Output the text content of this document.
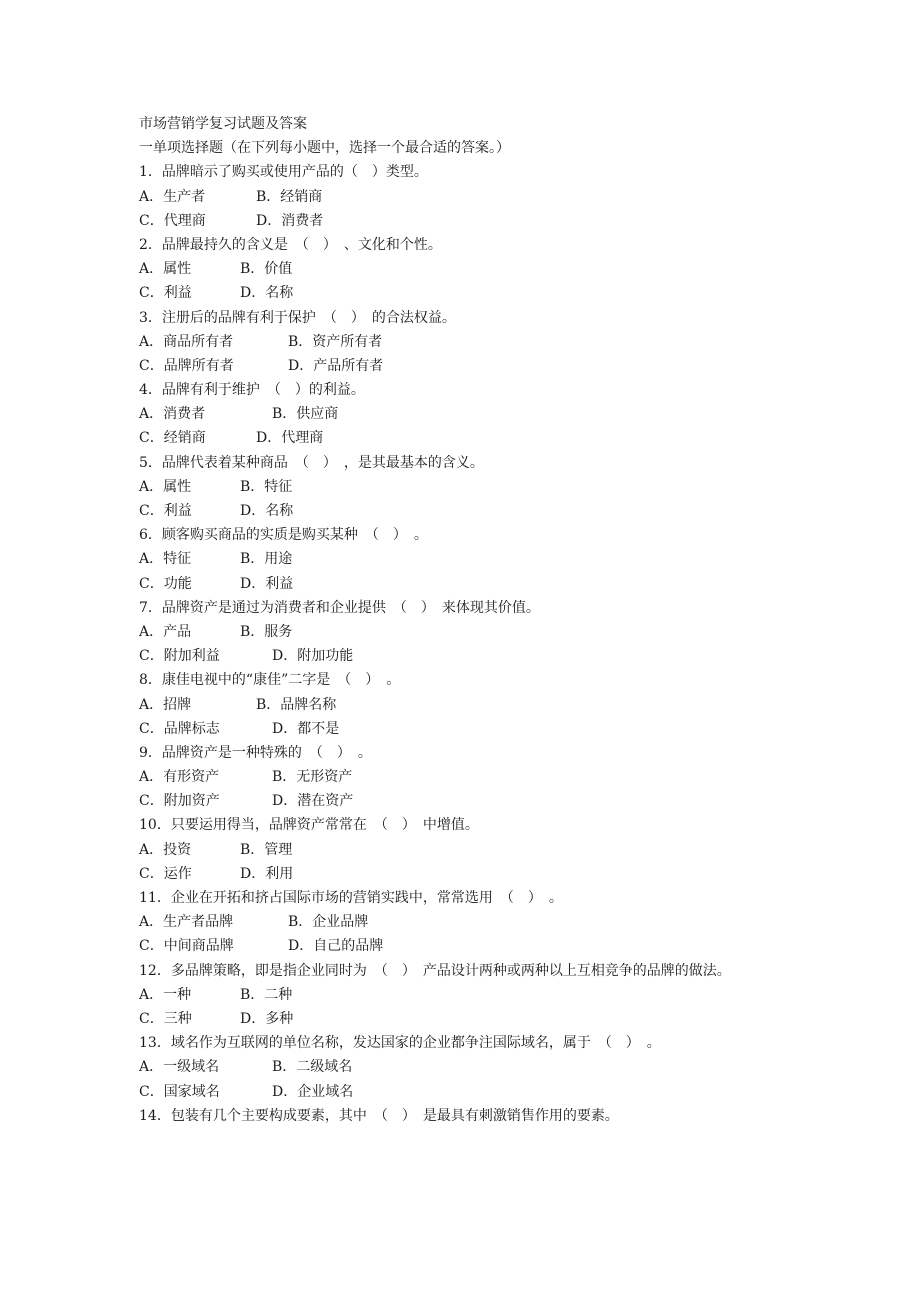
市场营销学复习试题及答案
一单项选择题（在下列每小题中，选择一个最合适的答案。）
1．品牌暗示了购买或使用产品的（　）类型。
A．生产者	B．经销商
C．代理商	D．消费者
2．品牌最持久的含义是　（　）　、文化和个性。
A．属性	B．价值
C．利益	D．名称
3．注册后的品牌有利于保护　（　）　的合法权益。
A．商品所有者	B．资产所有者
C．品牌所有者	D．产品所有者
4．品牌有利于维护　（　）的利益。
A．消费者	B．供应商
C．经销商	D．代理商
5．品牌代表着某种商品　（　）　，是其最基本的含义。
A．属性	B．特征
C．利益	D．名称
6．顾客购买商品的实质是购买某种　（　）　。
A．特征	B．用途
C．功能	D．利益
7．品牌资产是通过为消费者和企业提供　（　）　来体现其价值。
A．产品	B．服务
C．附加利益	D．附加功能
8．康佳电视中的“康佳”二字是　（　）　。
A．招牌	B．品牌名称
C．品牌标志	D．都不是
9．品牌资产是一种特殊的　（　）　。
A．有形资产	B．无形资产
C．附加资产	D．潜在资产
10．只要运用得当，品牌资产常常在　（　）　中增值。
A．投资	B．管理
C．运作	D．利用
11．企业在开拓和挤占国际市场的营销实践中，常常选用　（　）　。
A．生产者品牌	B．企业品牌
C．中间商品牌	D．自己的品牌
12．多品牌策略，即是指企业同时为　（　）　产品设计两种或两种以上互相竞争的品牌的做法。
A．一种	B．二种
C．三种	D．多种
13．域名作为互联网的单位名称，发达国家的企业都争注国际域名，属于　（　）　。
A．一级域名	B．二级域名
C．国家域名	D．企业域名
14．包装有几个主要构成要素，其中　（　）　是最具有刺激销售作用的要素。
